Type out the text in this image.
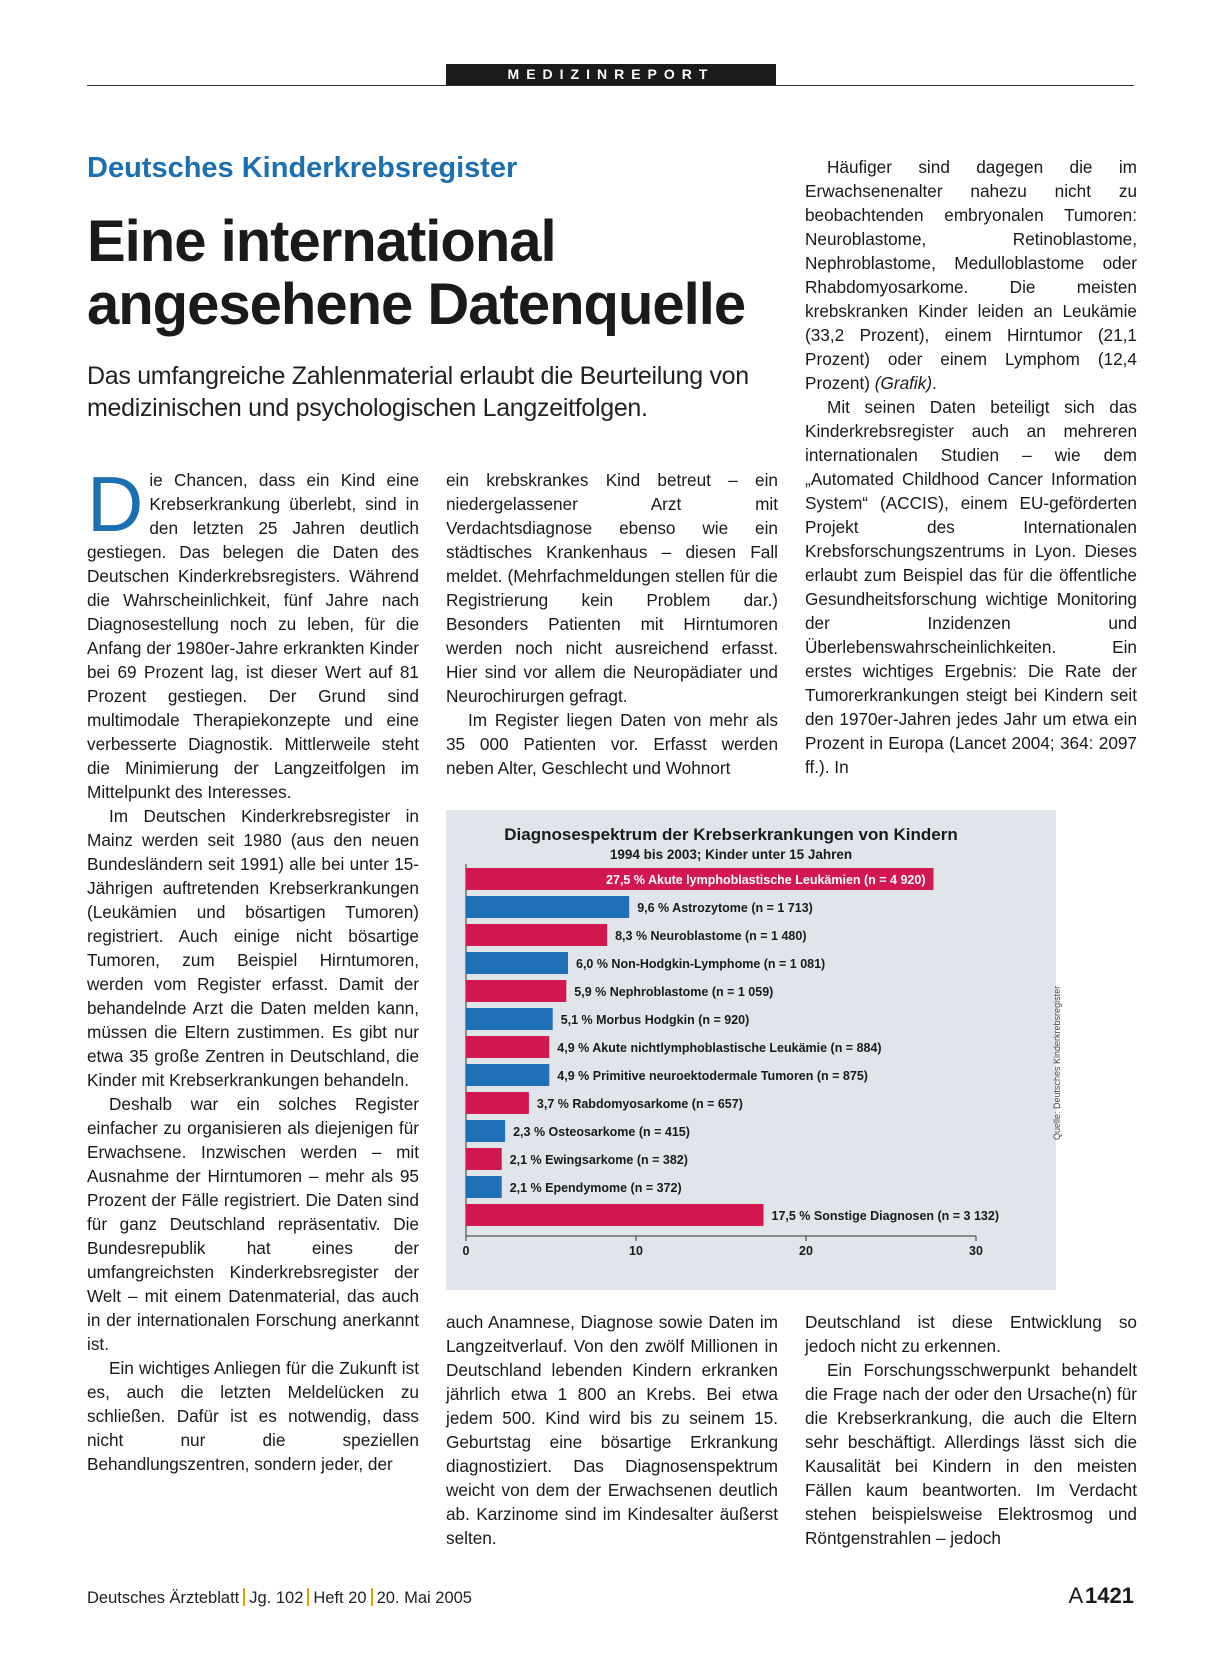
MEDIZINREPORT
Deutsches Kinderkrebsregister
Eine international
angesehene Datenquelle

Das umfangreiche Zahlenmaterial erlaubt die Beurteilung von medizinischen und psychologischen Langzeitfolgen.

Die Chancen, dass ein Kind eine Krebserkrankung überlebt, sind in den letzten 25 Jahren deutlich gestiegen. Das belegen die Daten des Deutschen Kinderkrebsregisters. Während die Wahrscheinlichkeit, fünf Jahre nach Diagnosestellung noch zu leben, für die Anfang der 1980er-Jahre erkrankten Kinder bei 69 Prozent lag, ist dieser Wert auf 81 Prozent gestiegen. Der Grund sind multimodale Therapiekonzepte und eine verbesserte Diagnostik. Mittlerweile steht die Minimierung der Langzeitfolgen im Mittelpunkt des Interesses.

Im Deutschen Kinderkrebsregister in Mainz werden seit 1980 (aus den neuen Bundesländern seit 1991) alle bei unter 15-Jährigen auftretenden Krebserkrankungen (Leukämien und bösartigen Tumoren) registriert. Auch einige nicht bösartige Tumoren, zum Beispiel Hirntumoren, werden vom Register erfasst. Damit der behandelnde Arzt die Daten melden kann, müssen die Eltern zustimmen. Es gibt nur etwa 35 große Zentren in Deutschland, die Kinder mit Krebserkrankungen behandeln.

Deshalb war ein solches Register einfacher zu organisieren als diejenigen für Erwachsene. Inzwischen werden – mit Ausnahme der Hirntumoren – mehr als 95 Prozent der Fälle registriert. Die Daten sind für ganz Deutschland repräsentativ. Die Bundesrepublik hat eines der umfangreichsten Kinderkrebsregister der Welt – mit einem Datenmaterial, das auch in der internationalen Forschung anerkannt ist.

Ein wichtiges Anliegen für die Zukunft ist es, auch die letzten Meldelücken zu schließen. Dafür ist es notwendig, dass nicht nur die speziellen Behandlungszentren, sondern jeder, der

ein krebskrankes Kind betreut – ein niedergelassener Arzt mit Verdachtsdiagnose ebenso wie ein städtisches Krankenhaus – diesen Fall meldet. (Mehrfachmeldungen stellen für die Registrierung kein Problem dar.) Besonders Patienten mit Hirntumoren werden noch nicht ausreichend erfasst. Hier sind vor allem die Neuropädiater und Neurochirurgen gefragt.

Im Register liegen Daten von mehr als 35 000 Patienten vor. Erfasst werden neben Alter, Geschlecht und Wohnort

Häufiger sind dagegen die im Erwachsenenalter nahezu nicht zu beobachtenden embryonalen Tumoren: Neuroblastome, Retinoblastome, Nephroblastome, Medulloblastome oder Rhabdomyosarkome. Die meisten krebskranken Kinder leiden an Leukämie (33,2 Prozent), einem Hirntumor (21,1 Prozent) oder einem Lymphom (12,4 Prozent) (Grafik).

Mit seinen Daten beteiligt sich das Kinderkrebsregister auch an mehreren internationalen Studien – wie dem „Automated Childhood Cancer Information System“ (ACCIS), einem EU-geförderten Projekt des Internationalen Krebsforschungszentrums in Lyon. Dieses erlaubt zum Beispiel das für die öffentliche Gesundheitsforschung wichtige Monitoring der Inzidenzen und Überlebenswahrscheinlichkeiten. Ein erstes wichtiges Ergebnis: Die Rate der Tumorerkrankungen steigt bei Kindern seit den 1970er-Jahren jedes Jahr um etwa ein Prozent in Europa (Lancet 2004; 364: 2097 ff.). In

Diagnosespektrum der Krebserkrankungen von Kindern
1994 bis 2003; Kinder unter 15 Jahren
0	10	20	30
27,5 % Akute lymphoblastische Leukämien (n = 4 920)
9,6 % Astrozytome (n = 1 713)
8,3 % Neuroblastome (n = 1 480)
6,0 % Non-Hodgkin-Lymphome (n = 1 081)
5,9 % Nephroblastome (n = 1 059)
5,1 % Morbus Hodgkin (n = 920)
4,9 % Akute nichtlymphoblastische Leukämie (n = 884)
4,9 % Primitive neuroektodermale Tumoren (n = 875)
3,7 % Rabdomyosarkome (n = 657)
2,3 % Osteosarkome (n = 415)
2,1 % Ewingsarkome (n = 382)
2,1 % Ependymome (n = 372)
17,5 % Sonstige Diagnosen (n = 3 132)
Quelle: Deutsches Kinderkrebsregister

auch Anamnese, Diagnose sowie Daten im Langzeitverlauf. Von den zwölf Millionen in Deutschland lebenden Kindern erkranken jährlich etwa 1 800 an Krebs. Bei etwa jedem 500. Kind wird bis zu seinem 15. Geburtstag eine bösartige Erkrankung diagnostiziert. Das Diagnosenspektrum weicht von dem der Erwachsenen deutlich ab. Karzinome sind im Kindesalter äußerst selten.

Deutschland ist diese Entwicklung so jedoch nicht zu erkennen.

Ein Forschungsschwerpunkt behandelt die Frage nach der oder den Ursache(n) für die Krebserkrankung, die auch die Eltern sehr beschäftigt. Allerdings lässt sich die Kausalität bei Kindern in den meisten Fällen kaum beantworten. Im Verdacht stehen beispielsweise Elektrosmog und Röntgenstrahlen – jedoch

Deutsches Ärzteblatt Jg. 102 Heft 20 20. Mai 2005	A 1421
